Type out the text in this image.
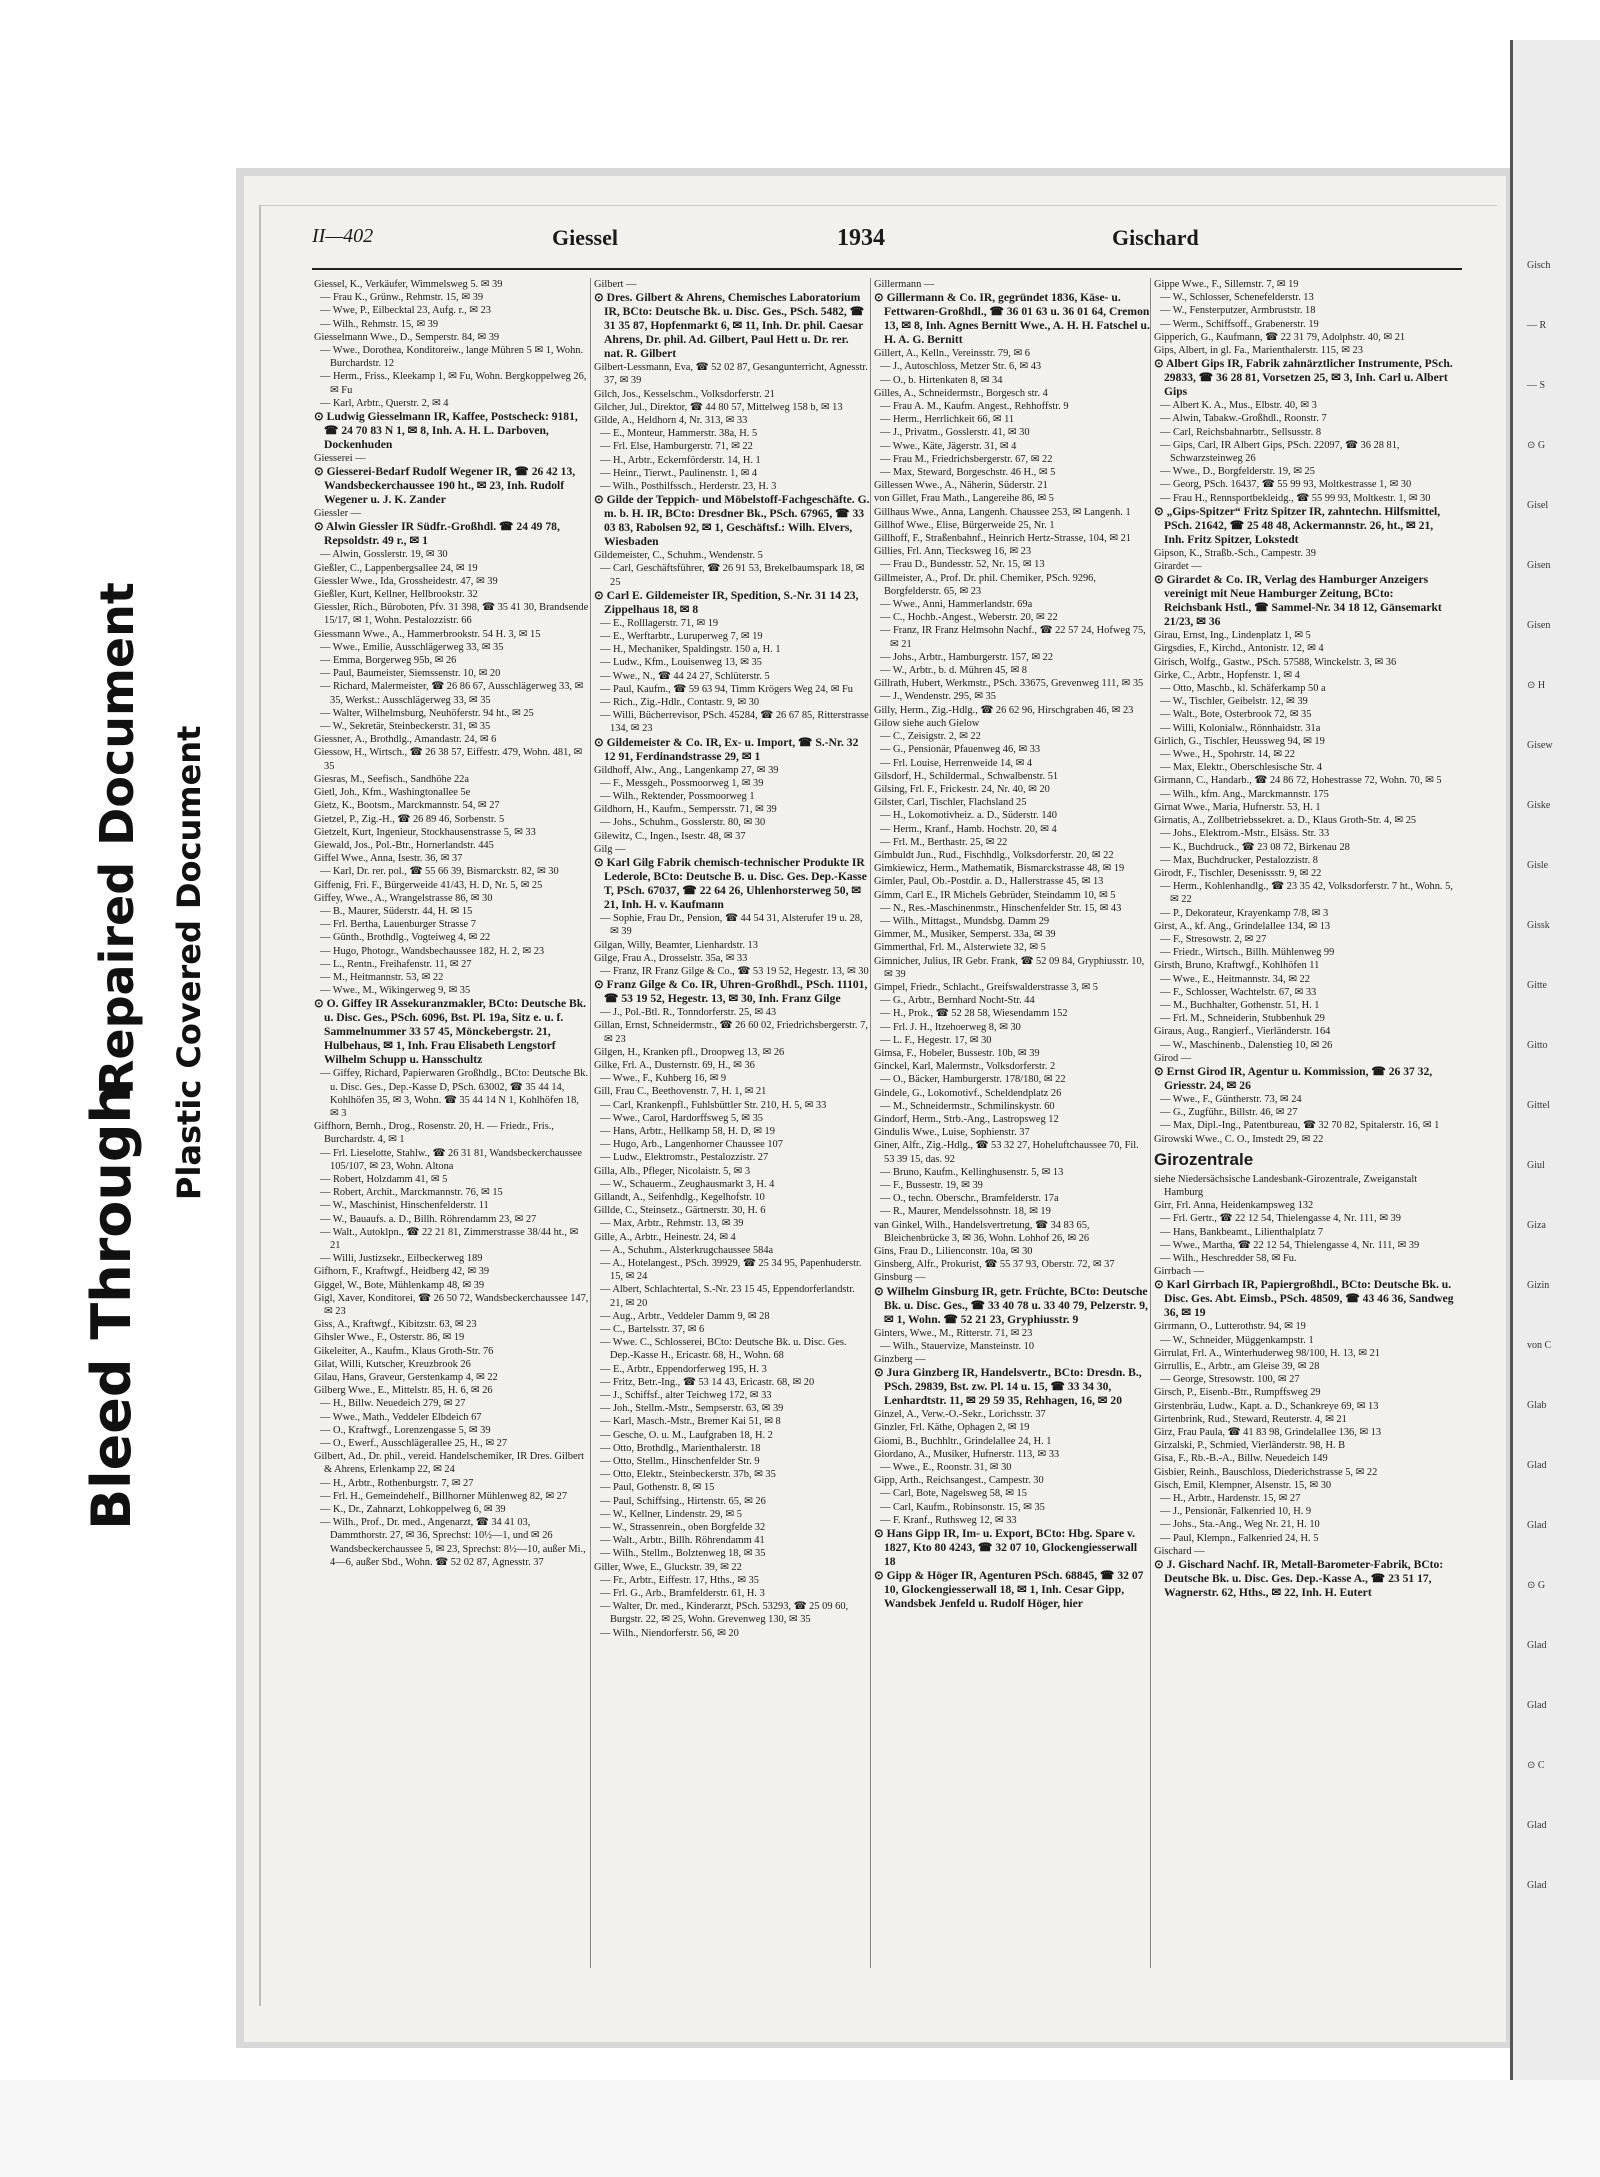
Bleed Through
Repaired Document Plastic Covered Document
Gisch
— R
— S
⊙ G
Gisel
Gisen
Gisen
⊙ H
Gisew
Giske
Gisle
Gissk
Gitte
Gitto
Gittel
Giul
Giza
Gizin
von C
Glab
Glad
Glad
⊙ G
Glad
Glad
⊙ C
Glad
Glad
II—402	Giessel	1934	Gischard

Giessel, K., Verkäufer, Wimmelsweg 5. ✉ 39

— Frau K., Grünw., Rehmstr. 15, ✉ 39

— Wwe, P., Eilbecktal 23, Aufg. r., ✉ 23

— Wilh., Rehmstr. 15, ✉ 39

Giesselmann Wwe., D., Semperstr. 84, ✉ 39

— Wwe., Dorothea, Konditoreiw., lange Mühren 5 ✉ 1, Wohn. Burchardstr. 12

— Herm., Friss., Kleekamp 1, ✉ Fu, Wohn. Bergkoppelweg 26, ✉ Fu

— Karl, Arbtr., Querstr. 2, ✉ 4

⊙ Ludwig Giesselmann IR, Kaffee, Postscheck: 9181, ☎ 24 70 83 N 1, ✉ 8, Inh. A. H. L. Darboven, Dockenhuden

Giesserei —

⊙ Giesserei-Bedarf Rudolf Wegener IR, ☎ 26 42 13, Wandsbeckerchaussee 190 ht., ✉ 23, Inh. Rudolf Wegener u. J. K. Zander

Giessler —

⊙ Alwin Giessler IR Südfr.-Großhdl. ☎ 24 49 78, Repsoldstr. 49 r., ✉ 1

— Alwin, Gosslerstr. 19, ✉ 30

Gießler, C., Lappenbergsallee 24, ✉ 19

Giessler Wwe., Ida, Grossheidestr. 47, ✉ 39

Gießler, Kurt, Kellner, Hellbrookstr. 32

Giessler, Rich., Büroboten, Pfv. 31 398, ☎ 35 41 30, Brandsende 15/17, ✉ 1, Wohn. Pestalozzistr. 66

Giessmann Wwe., A., Hammerbrookstr. 54 H. 3, ✉ 15

— Wwe., Emilie, Ausschlägerweg 33, ✉ 35

— Emma, Borgerweg 95b, ✉ 26

— Paul, Baumeister, Siemssenstr. 10, ✉ 20

— Richard, Malermeister, ☎ 26 86 67, Ausschlägerweg 33, ✉ 35, Werkst.: Ausschlägerweg 33, ✉ 35

— Walter, Wilhelmsburg, Neuhöferstr. 94 ht., ✉ 25

— W., Sekretär, Steinbeckerstr. 31, ✉ 35

Giessner, A., Brothdlg., Amandastr. 24, ✉ 6

Giessow, H., Wirtsch., ☎ 26 38 57, Eiffestr. 479, Wohn. 481, ✉ 35

Giesras, M., Seefisch., Sandhöhe 22a

Gietl, Joh., Kfm., Washingtonallee 5e

Gietz, K., Bootsm., Marckmannstr. 54, ✉ 27

Gietzel, P., Zig.-H., ☎ 26 89 46, Sorbenstr. 5

Gietzelt, Kurt, Ingenieur, Stockhausenstrasse 5, ✉ 33

Giewald, Jos., Pol.-Btr., Hornerlandstr. 445

Giffel Wwe., Anna, Isestr. 36, ✉ 37

— Karl, Dr. rer. pol., ☎ 55 66 39, Bismarckstr. 82, ✉ 30

Giffenig, Fri. F., Bürgerweide 41/43, H. D, Nr. 5, ✉ 25

Giffey, Wwe., A., Wrangelstrasse 86, ✉ 30

— B., Maurer, Süderstr. 44, H. ✉ 15

— Frl. Bertha, Lauenburger Strasse 7

— Günth., Brothdlg., Vogteiweg 4, ✉ 22

— Hugo, Photogr., Wandsbechaussee 182, H. 2, ✉ 23

— L., Rentn., Freihafenstr. 11, ✉ 27

— M., Heitmannstr. 53, ✉ 22

— Wwe., M., Wikingerweg 9, ✉ 35

⊙ O. Giffey IR Assekuranzmakler, BCto: Deutsche Bk. u. Disc. Ges., PSch. 6096, Bst. Pl. 19a, Sitz e. u. f. Sammelnummer 33 57 45, Mönckebergstr. 21, Hulbehaus, ✉ 1, Inh. Frau Elisabeth Lengstorf Wilhelm Schupp u. Hansschultz

— Giffey, Richard, Papierwaren Großhdlg., BCto: Deutsche Bk. u. Disc. Ges., Dep.-Kasse D, PSch. 63002, ☎ 35 44 14, Kohlhöfen 35, ✉ 3, Wohn. ☎ 35 44 14 N 1, Kohlhöfen 18, ✉ 3

Giffhorn, Bernh., Drog., Rosenstr. 20, H. — Friedr., Fris., Burchardstr. 4, ✉ 1

— Frl. Lieselotte, Stahlw., ☎ 26 31 81, Wandsbeckerchaussee 105/107, ✉ 23, Wohn. Altona

— Robert, Holzdamm 41, ✉ 5

— Robert, Archit., Marckmannstr. 76, ✉ 15

— W., Maschinist, Hinschenfelderstr. 11

— W., Bauaufs. a. D., Billh. Röhrendamm 23, ✉ 27

— Walt., Autoklpn., ☎ 22 21 81, Zimmerstrasse 38/44 ht., ✉ 21

— Willi, Justizsekr., Eilbeckerweg 189

Gifhorn, F., Kraftwgf., Heidberg 42, ✉ 39

Giggel, W., Bote, Mühlenkamp 48, ✉ 39

Gigl, Xaver, Konditorei, ☎ 26 50 72, Wandsbeckerchaussee 147, ✉ 23

Giss, A., Kraftwgf., Kibitzstr. 63, ✉ 23

Gihsler Wwe., F., Osterstr. 86, ✉ 19

Gikeleiter, A., Kaufm., Klaus Groth-Str. 76

Gilat, Willi, Kutscher, Kreuzbrook 26

Gilau, Hans, Graveur, Gerstenkamp 4, ✉ 22

Gilberg Wwe., E., Mittelstr. 85, H. 6, ✉ 26

— H., Billw. Neuedeich 279, ✉ 27

— Wwe., Math., Veddeler Elbdeich 67

— O., Kraftwgf., Lorenzengasse 5, ✉ 39

— O., Ewerf., Ausschlägerallee 25, H., ✉ 27

Gilbert, Ad., Dr. phil., vereid. Handelschemiker, IR Dres. Gilbert & Ahrens, Erlenkamp 22, ✉ 24

— H., Arbtr., Rothenburgstr. 7, ✉ 27

— Frl. H., Gemeindehelf., Billhorner Mühlenweg 82, ✉ 27

— K., Dr., Zahnarzt, Lohkoppelweg 6, ✉ 39

— Wilh., Prof., Dr. med., Angenarzt, ☎ 34 41 03, Dammthorstr. 27, ✉ 36, Sprechst: 10½—1, und ✉ 26 Wandsbeckerchaussee 5, ✉ 23, Sprechst: 8½—10, außer Mi., 4—6, außer Sbd., Wohn. ☎ 52 02 87, Agnesstr. 37

Gilbert —

⊙ Dres. Gilbert & Ahrens, Chemisches Laboratorium IR, BCto: Deutsche Bk. u. Disc. Ges., PSch. 5482, ☎ 31 35 87, Hopfenmarkt 6, ✉ 11, Inh. Dr. phil. Caesar Ahrens, Dr. phil. Ad. Gilbert, Paul Hett u. Dr. rer. nat. R. Gilbert

Gilbert-Lessmann, Eva, ☎ 52 02 87, Gesangunterricht, Agnesstr. 37, ✉ 39

Gilch, Jos., Kesselschm., Volksdorferstr. 21

Gilcher, Jul., Direktor, ☎ 44 80 57, Mittelweg 158 b, ✉ 13

Gilde, A., Heldhorn 4, Nr. 313, ✉ 33

— E., Monteur, Hammerstr. 38a, H. 5

— Frl. Else, Hamburgerstr. 71, ✉ 22

— H., Arbtr., Eckernförderstr. 14, H. 1

— Heinr., Tierwt., Paulinenstr. 1, ✉ 4

— Wilh., Posthilfssch., Herderstr. 23, H. 3

⊙ Gilde der Teppich- und Möbelstoff-Fachgeschäfte. G. m. b. H. IR, BCto: Dresdner Bk., PSch. 67965, ☎ 33 03 83, Rabolsen 92, ✉ 1, Geschäftsf.: Wilh. Elvers, Wiesbaden

Gildemeister, C., Schuhm., Wendenstr. 5

— Carl, Geschäftsführer, ☎ 26 91 53, Brekelbaumspark 18, ✉ 25

⊙ Carl E. Gildemeister IR, Spedition, S.-Nr. 31 14 23, Zippelhaus 18, ✉ 8

— E., Rolllagerstr. 71, ✉ 19

— E., Werftarbtr., Luruperweg 7, ✉ 19

— H., Mechaniker, Spaldingstr. 150 a, H. 1

— Ludw., Kfm., Louisenweg 13, ✉ 35

— Wwe., N., ☎ 44 24 27, Schlüterstr. 5

— Paul, Kaufm., ☎ 59 63 94, Timm Krögers Weg 24, ✉ Fu

— Rich., Zig.-Hdlr., Contastr. 9, ✉ 30

— Willi, Bücherrevisor, PSch. 45284, ☎ 26 67 85, Ritterstrasse 134, ✉ 23

⊙ Gildemeister & Co. IR, Ex- u. Import, ☎ S.-Nr. 32 12 91, Ferdinandstrasse 29, ✉ 1

Gildhoff, Alw., Ang., Langenkamp 27, ✉ 39

— F., Messgeh., Possmoorweg 1, ✉ 39

— Wilh., Rektender, Possmoorweg 1

Gildhorn, H., Kaufm., Sempersstr. 71, ✉ 39

— Johs., Schuhm., Gosslerstr. 80, ✉ 30

Gilewitz, C., Ingen., Isestr. 48, ✉ 37

Gilg —

⊙ Karl Gilg Fabrik chemisch-technischer Produkte IR Lederole, BCto: Deutsche B. u. Disc. Ges. Dep.-Kasse T, PSch. 67037, ☎ 22 64 26, Uhlenhorsterweg 50, ✉ 21, Inh. H. v. Kaufmann

— Sophie, Frau Dr., Pension, ☎ 44 54 31, Alsterufer 19 u. 28, ✉ 39

Gilgan, Willy, Beamter, Lienhardstr. 13

Gilge, Frau A., Drosselstr. 35a, ✉ 33

— Franz, IR Franz Gilge & Co., ☎ 53 19 52, Hegestr. 13, ✉ 30

⊙ Franz Gilge & Co. IR, Uhren-Großhdl., PSch. 11101, ☎ 53 19 52, Hegestr. 13, ✉ 30, Inh. Franz Gilge

— J., Pol.-Btl. R., Tonndorferstr. 25, ✉ 43

Gillan, Ernst, Schneidermstr., ☎ 26 60 02, Friedrichsbergerstr. 7, ✉ 23

Gilgen, H., Kranken pfl., Droopweg 13, ✉ 26

Gilke, Frl. A., Dusternstr. 69, H., ✉ 36

— Wwe., F., Kuhberg 16, ✉ 9

Gill, Frau C., Beethovenstr. 7, H. 1, ✉ 21

— Carl, Krankenpfl., Fuhlsbüttler Str. 210, H. 5, ✉ 33

— Wwe., Carol, Hardorffsweg 5, ✉ 35

— Hans, Arbtr., Hellkamp 58, H. D, ✉ 19

— Hugo, Arb., Langenhorner Chaussee 107

— Ludw., Elektromstr., Pestalozzistr. 27

Gilla, Alb., Pfleger, Nicolaistr. 5, ✉ 3

— W., Schauerm., Zeughausmarkt 3, H. 4

Gillandt, A., Seifenhdlg., Kegelhofstr. 10

Gillde, C., Steinsetz., Gärtnerstr. 30, H. 6

— Max, Arbtr., Rehmstr. 13, ✉ 39

Gille, A., Arbtr., Heinestr. 24, ✉ 4

— A., Schuhm., Alsterkrugchaussee 584a

— A., Hotelangest., PSch. 39929, ☎ 25 34 95, Papenhuderstr. 15, ✉ 24

— Albert, Schlachtertal, S.-Nr. 23 15 45, Eppendorferlandstr. 21, ✉ 20

— Aug., Arbtr., Veddeler Damm 9, ✉ 28

— C., Bartelsstr. 37, ✉ 6

— Wwe. C., Schlosserei, BCto: Deutsche Bk. u. Disc. Ges. Dep.-Kasse H., Ericastr. 68, H., Wohn. 68

— E., Arbtr., Eppendorferweg 195, H. 3

— Fritz, Betr.-Ing., ☎ 53 14 43, Ericastr. 68, ✉ 20

— J., Schiffsf., alter Teichweg 172, ✉ 33

— Joh., Stellm.-Mstr., Sempserstr. 63, ✉ 39

— Karl, Masch.-Mstr., Bremer Kai 51, ✉ 8

— Gesche, O. u. M., Laufgraben 18, H. 2

— Otto, Brothdlg., Marienthalerstr. 18

— Otto, Stellm., Hinschenfelder Str. 9

— Otto, Elektr., Steinbeckerstr. 37b, ✉ 35

— Paul, Gothenstr. 8, ✉ 15

— Paul, Schiffsing., Hirtenstr. 65, ✉ 26

— W., Kellner, Lindenstr. 29, ✉ 5

— W., Strassenrein., oben Borgfelde 32

— Walt., Arbtr., Billh. Röhrendamm 41

— Wilh., Stellm., Bolztenweg 18, ✉ 35

Giller, Wwe, E., Gluckstr. 39, ✉ 22

— Fr., Arbtr., Eiffestr. 17, Hths., ✉ 35

— Frl. G., Arb., Bramfelderstr. 61, H. 3

— Walter, Dr. med., Kinderarzt, PSch. 53293, ☎ 25 09 60, Burgstr. 22, ✉ 25, Wohn. Grevenweg 130, ✉ 35

— Wilh., Niendorferstr. 56, ✉ 20

Gillermann —

⊙ Gillermann & Co. IR, gegründet 1836, Käse- u. Fettwaren-Großhdl., ☎ 36 01 63 u. 36 01 64, Cremon 13, ✉ 8, Inh. Agnes Bernitt Wwe., A. H. H. Fatschel u. H. A. G. Bernitt

Gillert, A., Kelln., Vereinsstr. 79, ✉ 6

— J., Autoschloss, Metzer Str. 6, ✉ 43

— O., b. Hirtenkaten 8, ✉ 34

Gilles, A., Schneidermstr., Borgesch str. 4

— Frau A. M., Kaufm. Angest., Rehhoffstr. 9

— Herm., Herrlichkeit 66, ✉ 11

— J., Privatm., Gosslerstr. 41, ✉ 30

— Wwe., Käte, Jägerstr. 31, ✉ 4

— Frau M., Friedrichsbergerstr. 67, ✉ 22

— Max, Steward, Borgeschstr. 46 H., ✉ 5

Gillessen Wwe., A., Näherin, Süderstr. 21

von Gillet, Frau Math., Langereihe 86, ✉ 5

Gillhaus Wwe., Anna, Langenh. Chaussee 253, ✉ Langenh. 1

Gillhof Wwe., Elise, Bürgerweide 25, Nr. 1

Gillhoff, F., Straßenbahnf., Heinrich Hertz-Strasse, 104, ✉ 21

Gillies, Frl. Ann, Tiecksweg 16, ✉ 23

— Frau D., Bundesstr. 52, Nr. 15, ✉ 13

Gillmeister, A., Prof. Dr. phil. Chemiker, PSch. 9296, Borgfelderstr. 65, ✉ 23

— Wwe., Anni, Hammerlandstr. 69a

— C., Hochb.-Angest., Weberstr. 20, ✉ 22

— Franz, IR Franz Helmsohn Nachf., ☎ 22 57 24, Hofweg 75, ✉ 21

— Johs., Arbtr., Hamburgerstr. 157, ✉ 22

— W., Arbtr., b. d. Mühren 45, ✉ 8

Gillrath, Hubert, Werkmstr., PSch. 33675, Grevenweg 111, ✉ 35

— J., Wendenstr. 295, ✉ 35

Gilly, Herm., Zig.-Hdlg., ☎ 26 62 96, Hirschgraben 46, ✉ 23

Gilow siehe auch Gielow

— C., Zeisigstr. 2, ✉ 22

— G., Pensionär, Pfauenweg 46, ✉ 33

— Frl. Louise, Herrenweide 14, ✉ 4

Gilsdorf, H., Schildermal., Schwalbenstr. 51

Gilsing, Frl. F., Frickestr. 24, Nr. 40, ✉ 20

Gilster, Carl, Tischler, Flachsland 25

— H., Lokomotivheiz. a. D., Süderstr. 140

— Herm., Kranf., Hamb. Hochstr. 20, ✉ 4

— Frl. M., Berthastr. 25, ✉ 22

Gimbuldt Jun., Rud., Fischhdlg., Volksdorferstr. 20, ✉ 22

Gimkiewicz, Herm., Mathematik, Bismarckstrasse 48, ✉ 19

Gimler, Paul, Ob.-Postdir. a. D., Hallerstrasse 45, ✉ 13

Gimm, Carl E., IR Michels Gebrüder, Steindamm 10, ✉ 5

— N., Res.-Maschinenmstr., Hinschenfelder Str. 15, ✉ 43

— Wilh., Mittagst., Mundsbg. Damm 29

Gimmer, M., Musiker, Semperst. 33a, ✉ 39

Gimmerthal, Frl. M., Alsterwiete 32, ✉ 5

Gimnicher, Julius, IR Gebr. Frank, ☎ 52 09 84, Gryphiusstr. 10, ✉ 39

Gimpel, Friedr., Schlacht., Greifswalderstrasse 3, ✉ 5

— G., Arbtr., Bernhard Nocht-Str. 44

— H., Prok., ☎ 52 28 58, Wiesendamm 152

— Frl. J. H., Itzehoerweg 8, ✉ 30

— L. F., Hegestr. 17, ✉ 30

Gimsa, F., Hobeler, Bussestr. 10b, ✉ 39

Ginckel, Karl, Malermstr., Volksdorferstr. 2

— O., Bäcker, Hamburgerstr. 178/180, ✉ 22

Gindele, G., Lokomotivf., Scheldendplatz 26

— M., Schneidermstr., Schmilinskystr. 60

Gindorf, Herm., Strb.-Ang., Lastropsweg 12

Gindulis Wwe., Luise, Sophienstr. 37

Giner, Alfr., Zig.-Hdlg., ☎ 53 32 27, Hoheluftchaussee 70, Fil. 53 39 15, das. 92

— Bruno, Kaufm., Kellinghusenstr. 5, ✉ 13

— F., Bussestr. 19, ✉ 39

— O., techn. Oberschr., Bramfelderstr. 17a

— R., Maurer, Mendelssohnstr. 18, ✉ 19

van Ginkel, Wilh., Handelsvertretung, ☎ 34 83 65, Bleichenbrücke 3, ✉ 36, Wohn. Lohhof 26, ✉ 26

Gins, Frau D., Lilienconstr. 10a, ✉ 30

Ginsberg, Alfr., Prokurist, ☎ 55 37 93, Oberstr. 72, ✉ 37

Ginsburg —

⊙ Wilhelm Ginsburg IR, getr. Früchte, BCto: Deutsche Bk. u. Disc. Ges., ☎ 33 40 78 u. 33 40 79, Pelzerstr. 9, ✉ 1, Wohn. ☎ 52 21 23, Gryphiusstr. 9

Ginters, Wwe., M., Ritterstr. 71, ✉ 23

— Wilh., Stauervize, Mansteinstr. 10

Ginzberg —

⊙ Jura Ginzberg IR, Handelsvertr., BCto: Dresdn. B., PSch. 29839, Bst. zw. Pl. 14 u. 15, ☎ 33 34 30, Lenhardtstr. 11, ✉ 29 59 35, Rehhagen, 16, ✉ 20

Ginzel, A., Verw.-O.-Sekr., Lorichsstr. 37

Ginzler, Frl. Käthe, Ophagen 2, ✉ 19

Giomi, B., Buchhltr., Grindelallee 24, H. 1

Giordano, A., Musiker, Hufnerstr. 113, ✉ 33

— Wwe., E., Roonstr. 31, ✉ 30

Gipp, Arth., Reichsangest., Campestr. 30

— Carl, Bote, Nagelsweg 58, ✉ 15

— Carl, Kaufm., Robinsonstr. 15, ✉ 35

— F. Kranf., Ruthsweg 12, ✉ 33

⊙ Hans Gipp IR, Im- u. Export, BCto: Hbg. Spare v. 1827, Kto 80 4243, ☎ 32 07 10, Glockengiesserwall 18

⊙ Gipp & Höger IR, Agenturen PSch. 68845, ☎ 32 07 10, Glockengiesserwall 18, ✉ 1, Inh. Cesar Gipp, Wandsbek Jenfeld u. Rudolf Höger, hier

Gippe Wwe., F., Sillemstr. 7, ✉ 19

— W., Schlosser, Schenefelderstr. 13

— W., Fensterputzer, Armbruststr. 18

— Werm., Schiffsoff., Grabenerstr. 19

Gipperich, G., Kaufmann, ☎ 22 31 79, Adolphstr. 40, ✉ 21

Gips, Albert, in gl. Fa., Marienthalerstr. 115, ✉ 23

⊙ Albert Gips IR, Fabrik zahnärztlicher Instrumente, PSch. 29833, ☎ 36 28 81, Vorsetzen 25, ✉ 3, Inh. Carl u. Albert Gips

— Albert K. A., Mus., Elbstr. 40, ✉ 3

— Alwin, Tabakw.-Großhdl., Roonstr. 7

— Carl, Reichsbahnarbtr., Sellsusstr. 8

— Gips, Carl, IR Albert Gips, PSch. 22097, ☎ 36 28 81, Schwarzsteinweg 26

— Wwe., D., Borgfelderstr. 19, ✉ 25

— Georg, PSch. 16437, ☎ 55 99 93, Moltkestrasse 1, ✉ 30

— Frau H., Rennsportbekleidg., ☎ 55 99 93, Moltkestr. 1, ✉ 30

⊙ „Gips-Spitzer“ Fritz Spitzer IR, zahntechn. Hilfsmittel, PSch. 21642, ☎ 25 48 48, Ackermannstr. 26, ht., ✉ 21, Inh. Fritz Spitzer, Lokstedt

Gipson, K., Straßb.-Sch., Campestr. 39

Girardet —

⊙ Girardet & Co. IR, Verlag des Hamburger Anzeigers vereinigt mit Neue Hamburger Zeitung, BCto: Reichsbank Hstl., ☎ Sammel-Nr. 34 18 12, Gänsemarkt 21/23, ✉ 36

Girau, Ernst, Ing., Lindenplatz 1, ✉ 5

Girgsdies, F., Kirchd., Antonistr. 12, ✉ 4

Girisch, Wolfg., Gastw., PSch. 57588, Winckelstr. 3, ✉ 36

Girke, C., Arbtr., Hopfenstr. 1, ✉ 4

— Otto, Maschb., kl. Schäferkamp 50 a

— W., Tischler, Geibelstr. 12, ✉ 39

— Walt., Bote, Osterbrook 72, ✉ 35

— Willi, Kolonialw., Rönnhaidstr. 31a

Girlich, G., Tischler, Heussweg 94, ✉ 19

— Wwe., H., Spohrstr. 14, ✉ 22

— Max, Elektr., Oberschlesische Str. 4

Girmann, C., Handarb., ☎ 24 86 72, Hohestrasse 72, Wohn. 70, ✉ 5

— Wilh., kfm. Ang., Marckmannstr. 175

Girnat Wwe., Maria, Hufnerstr. 53, H. 1

Girnatis, A., Zollbetriebssekret. a. D., Klaus Groth-Str. 4, ✉ 25

— Johs., Elektrom.-Mstr., Elsäss. Str. 33

— K., Buchdruck., ☎ 23 08 72, Birkenau 28

— Max, Buchdrucker, Pestalozzistr. 8

Girodt, F., Tischler, Desenissstr. 9, ✉ 22

— Herm., Kohlenhandlg., ☎ 23 35 42, Volksdorferstr. 7 ht., Wohn. 5, ✉ 22

— P., Dekorateur, Krayenkamp 7/8, ✉ 3

Girst, A., kf. Ang., Grindelallee 134, ✉ 13

— F., Stresowstr. 2, ✉ 27

— Friedr., Wirtsch., Billh. Mühlenweg 99

Girsth, Bruno, Kraftwgf., Kohlhöfen 11

— Wwe., E., Heitmannstr. 34, ✉ 22

— F., Schlosser, Wachtelstr. 67, ✉ 33

— M., Buchhalter, Gothenstr. 51, H. 1

— Frl. M., Schneiderin, Stubbenhuk 29

Giraus, Aug., Rangierf., Vierländerstr. 164

— W., Maschinenb., Dalenstieg 10, ✉ 26

Girod —

⊙ Ernst Girod IR, Agentur u. Kommission, ☎ 26 37 32, Griesstr. 24, ✉ 26

— Wwe., F., Güntherstr. 73, ✉ 24

— G., Zugführ., Billstr. 46, ✉ 27

— Max, Dipl.-Ing., Patentbureau, ☎ 32 70 82, Spitalerstr. 16, ✉ 1

Girowski Wwe., C. O., Imstedt 29, ✉ 22

Girozentrale

siehe Niedersächsische Landesbank-Girozentrale, Zweiganstalt Hamburg

Girr, Frl. Anna, Heidenkampsweg 132

— Frl. Gertr., ☎ 22 12 54, Thielengasse 4, Nr. 111, ✉ 39

— Hans, Bankbeamt., Lilienthalplatz 7

— Wwe., Martha, ☎ 22 12 54, Thielengasse 4, Nr. 111, ✉ 39

— Wilh., Heschredder 58, ✉ Fu.

Girrbach —

⊙ Karl Girrbach IR, Papiergroßhdl., BCto: Deutsche Bk. u. Disc. Ges. Abt. Eimsb., PSch. 48509, ☎ 43 46 36, Sandweg 36, ✉ 19

Girrmann, O., Lutterothstr. 94, ✉ 19

— W., Schneider, Müggenkampstr. 1

Girrulat, Frl. A., Winterhuderweg 98/100, H. 13, ✉ 21

Girrullis, E., Arbtr., am Gleise 39, ✉ 28

— George, Stresowstr. 100, ✉ 27

Girsch, P., Eisenb.-Btr., Rumpffsweg 29

Girstenbräu, Ludw., Kapt. a. D., Schankreye 69, ✉ 13

Girtenbrink, Rud., Steward, Reuterstr. 4, ✉ 21

Girz, Frau Paula, ☎ 41 83 98, Grindelallee 136, ✉ 13

Girzalski, P., Schmied, Vierländerstr. 98, H. B

Gisa, F., Rb.-B.-A., Billw. Neuedeich 149

Gisbier, Reinh., Bauschloss, Diederichstrasse 5, ✉ 22

Gisch, Emil, Klempner, Alsenstr. 15, ✉ 30

— H., Arbtr., Hardenstr. 15, ✉ 27

— J., Pensionär, Falkenried 10, H. 9

— Johs., Sta.-Ang., Weg Nr. 21, H. 10

— Paul, Klempn., Falkenried 24, H. 5

Gischard —

⊙ J. Gischard Nachf. IR, Metall-Barometer-Fabrik, BCto: Deutsche Bk. u. Disc. Ges. Dep.-Kasse A., ☎ 23 51 17, Wagnerstr. 62, Hths., ✉ 22, Inh. H. Eutert
